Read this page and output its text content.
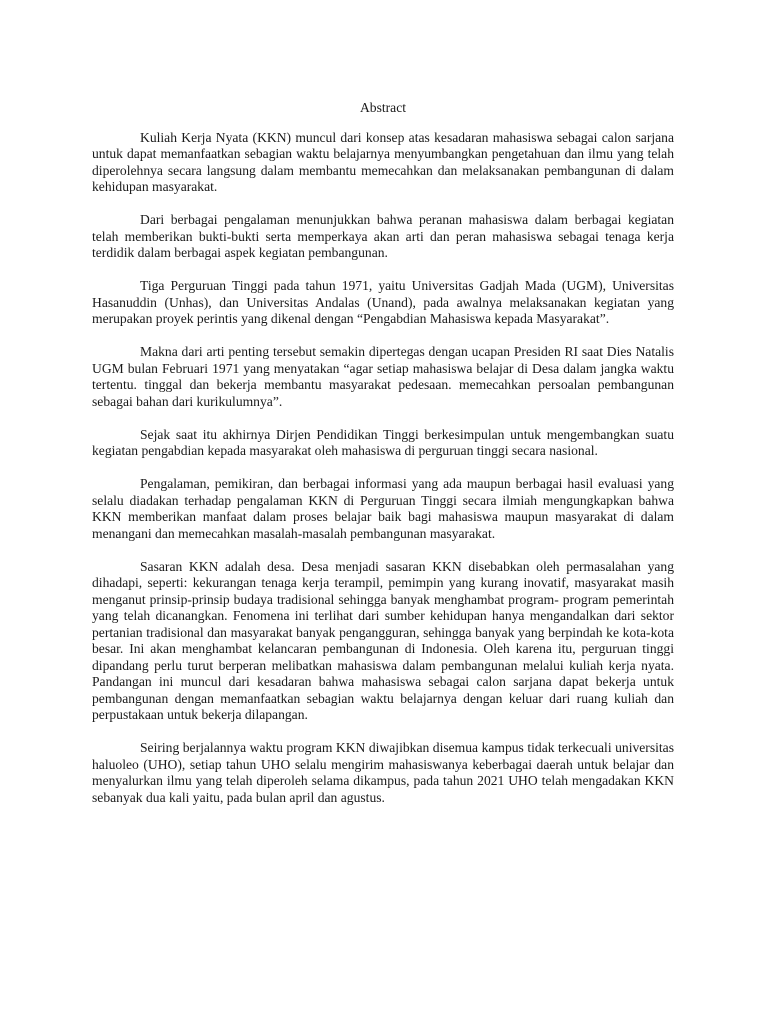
Abstract

Kuliah Kerja Nyata (KKN) muncul dari konsep atas kesadaran mahasiswa sebagai calon sarjana untuk dapat memanfaatkan sebagian waktu belajarnya menyumbangkan pengetahuan dan ilmu yang telah diperolehnya secara langsung dalam membantu memecahkan dan melaksanakan pembangunan di dalam kehidupan masyarakat.

Dari berbagai pengalaman menunjukkan bahwa peranan mahasiswa dalam berbagai kegiatan telah memberikan bukti-bukti serta memperkaya akan arti dan peran mahasiswa sebagai tenaga kerja terdidik dalam berbagai aspek kegiatan pembangunan.

Tiga Perguruan Tinggi pada tahun 1971, yaitu Universitas Gadjah Mada (UGM), Universitas Hasanuddin (Unhas), dan Universitas Andalas (Unand), pada awalnya melaksanakan kegiatan yang merupakan proyek perintis yang dikenal dengan “Pengabdian Mahasiswa kepada Masyarakat”.

Makna dari arti penting tersebut semakin dipertegas dengan ucapan Presiden RI saat Dies Natalis UGM bulan Februari 1971 yang menyatakan “agar setiap mahasiswa belajar di Desa dalam jangka waktu tertentu. tinggal dan bekerja membantu masyarakat pedesaan. memecahkan persoalan pembangunan sebagai bahan dari kurikulumnya”.

Sejak saat itu akhirnya Dirjen Pendidikan Tinggi berkesimpulan untuk mengembangkan suatu kegiatan pengabdian kepada masyarakat oleh mahasiswa di perguruan tinggi secara nasional.

Pengalaman, pemikiran, dan berbagai informasi yang ada maupun berbagai hasil evaluasi yang selalu diadakan terhadap pengalaman KKN di Perguruan Tinggi secara ilmiah mengungkapkan bahwa KKN memberikan manfaat dalam proses belajar baik bagi mahasiswa maupun masyarakat di dalam menangani dan memecahkan masalah-masalah pembangunan masyarakat.

Sasaran KKN adalah desa. Desa menjadi sasaran KKN disebabkan oleh permasalahan yang dihadapi, seperti: kekurangan tenaga kerja terampil, pemimpin yang kurang inovatif, masyarakat masih menganut prinsip-prinsip budaya tradisional sehingga banyak menghambat program- program pemerintah yang telah dicanangkan. Fenomena ini terlihat dari sumber kehidupan hanya mengandalkan dari sektor pertanian tradisional dan masyarakat banyak pengangguran, sehingga banyak yang berpindah ke kota-kota besar. Ini akan menghambat kelancaran pembangunan di Indonesia. Oleh karena itu, perguruan tinggi dipandang perlu turut berperan melibatkan mahasiswa dalam pembangunan melalui kuliah kerja nyata. Pandangan ini muncul dari kesadaran bahwa mahasiswa sebagai calon sarjana dapat bekerja untuk pembangunan dengan memanfaatkan sebagian waktu belajarnya dengan keluar dari ruang kuliah dan perpustakaan untuk bekerja dilapangan.

Seiring berjalannya waktu program KKN diwajibkan disemua kampus tidak terkecuali universitas haluoleo (UHO), setiap tahun UHO selalu mengirim mahasiswanya keberbagai daerah untuk belajar dan menyalurkan ilmu yang telah diperoleh selama dikampus, pada tahun 2021 UHO telah mengadakan KKN sebanyak dua kali yaitu, pada bulan april dan agustus.
